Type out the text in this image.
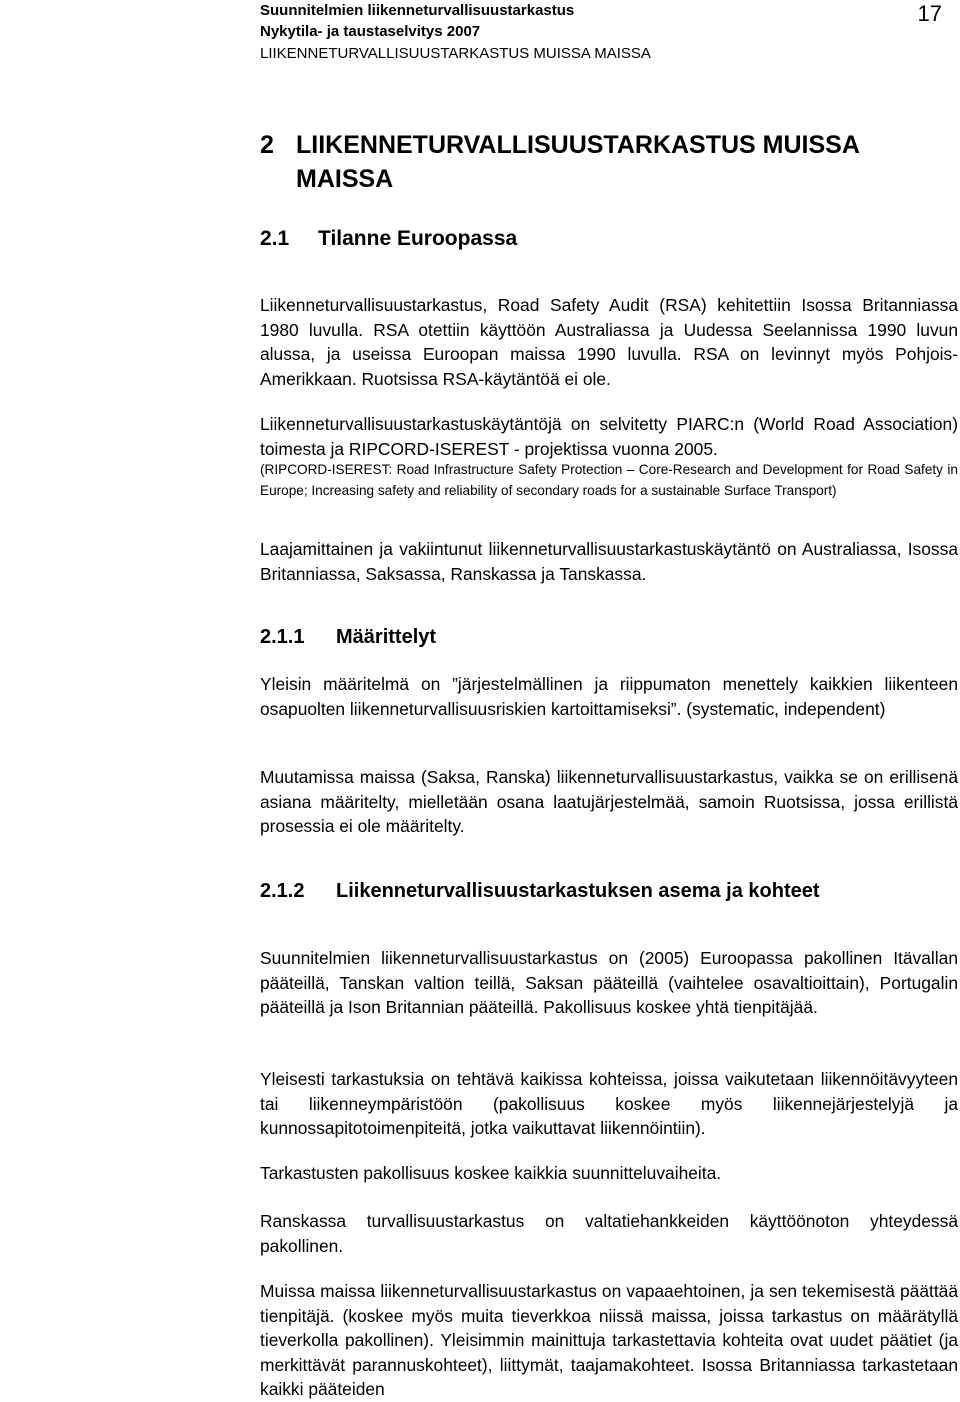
Suunnitelmien liikenneturvallisuustarkastus
Nykytila- ja taustaselvitys 2007
LIIKENNETURVALLISUUSTARKASTUS MUISSA MAISSA
17
2 LIIKENNETURVALLISUUSTARKASTUS MUISSA
MAISSA
2.1 Tilanne Euroopassa

Liikenneturvallisuustarkastus, Road Safety Audit (RSA) kehitettiin Isossa Britanniassa 1980 luvulla. RSA otettiin käyttöön Australiassa ja Uudessa Seelannissa 1990 luvun alussa, ja useissa Euroopan maissa 1990 luvulla. RSA on levinnyt myös Pohjois-Amerikkaan. Ruotsissa RSA-käytäntöä ei ole.

Liikenneturvallisuustarkastuskäytäntöjä on selvitetty PIARC:n (World Road Association) toimesta ja RIPCORD-ISEREST - projektissa vuonna 2005.

(RIPCORD-ISEREST: Road Infrastructure Safety Protection – Core-Research and Development for Road Safety in Europe; Increasing safety and reliability of secondary roads for a sustainable Surface Transport)

Laajamittainen ja vakiintunut liikenneturvallisuustarkastuskäytäntö on Australiassa, Isossa Britanniassa, Saksassa, Ranskassa ja Tanskassa.

2.1.1 Määrittelyt

Yleisin määritelmä on ”järjestelmällinen ja riippumaton menettely kaikkien liikenteen osapuolten liikenneturvallisuusriskien kartoittamiseksi”. (systematic, independent)

Muutamissa maissa (Saksa, Ranska) liikenneturvallisuustarkastus, vaikka se on erillisenä asiana määritelty, mielletään osana laatujärjestelmää, samoin Ruotsissa, jossa erillistä prosessia ei ole määritelty.

2.1.2 Liikenneturvallisuustarkastuksen asema ja kohteet

Suunnitelmien liikenneturvallisuustarkastus on (2005) Euroopassa pakollinen Itävallan pääteillä, Tanskan valtion teillä, Saksan pääteillä (vaihtelee osavaltioittain), Portugalin pääteillä ja Ison Britannian pääteillä. Pakollisuus koskee yhtä tienpitäjää.

Yleisesti tarkastuksia on tehtävä kaikissa kohteissa, joissa vaikutetaan liikennöitävyyteen tai liikenneympäristöön (pakollisuus koskee myös liikennejärjestelyjä ja kunnossapitotoimenpiteitä, jotka vaikuttavat liikennöintiin).

Tarkastusten pakollisuus koskee kaikkia suunnitteluvaiheita.

Ranskassa turvallisuustarkastus on valtatiehankkeiden käyttöönoton yhteydessä pakollinen.

Muissa maissa liikenneturvallisuustarkastus on vapaaehtoinen, ja sen tekemisestä päättää tienpitäjä. (koskee myös muita tieverkkoa niissä maissa, joissa tarkastus on määrätyllä tieverkolla pakollinen). Yleisimmin mainittuja tarkastettavia kohteita ovat uudet päätiet (ja merkittävät parannuskohteet), liittymät, taajamakohteet. Isossa Britanniassa tarkastetaan kaikki pääteiden
